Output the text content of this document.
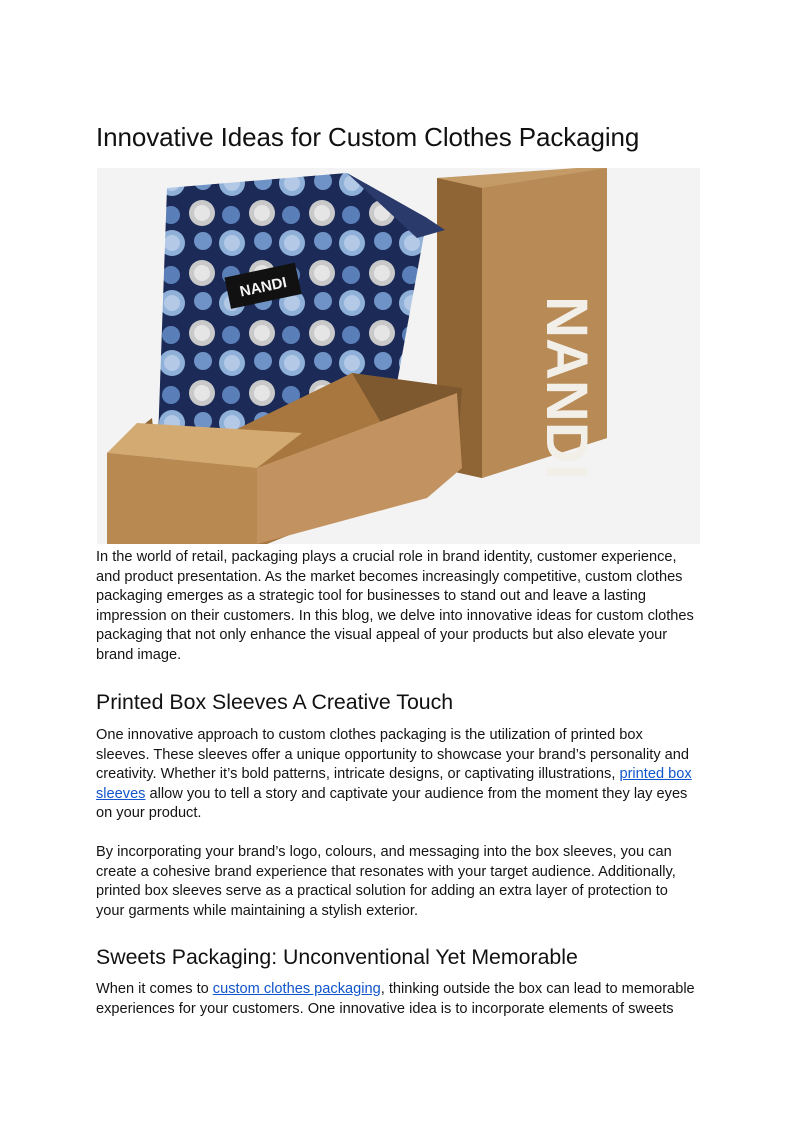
Innovative Ideas for Custom Clothes Packaging
NANDI
NANDI

In the world of retail, packaging plays a crucial role in brand identity, customer experience, and product presentation. As the market becomes increasingly competitive, custom clothes packaging emerges as a strategic tool for businesses to stand out and leave a lasting impression on their customers. In this blog, we delve into innovative ideas for custom clothes packaging that not only enhance the visual appeal of your products but also elevate your brand image.

Printed Box Sleeves A Creative Touch

One innovative approach to custom clothes packaging is the utilization of printed box sleeves. These sleeves offer a unique opportunity to showcase your brand’s personality and creativity. Whether it’s bold patterns, intricate designs, or captivating illustrations, printed box sleeves allow you to tell a story and captivate your audience from the moment they lay eyes on your product.

By incorporating your brand’s logo, colours, and messaging into the box sleeves, you can create a cohesive brand experience that resonates with your target audience. Additionally, printed box sleeves serve as a practical solution for adding an extra layer of protection to your garments while maintaining a stylish exterior.

Sweets Packaging: Unconventional Yet Memorable

When it comes to custom clothes packaging, thinking outside the box can lead to memorable experiences for your customers. One innovative idea is to incorporate elements of sweets
